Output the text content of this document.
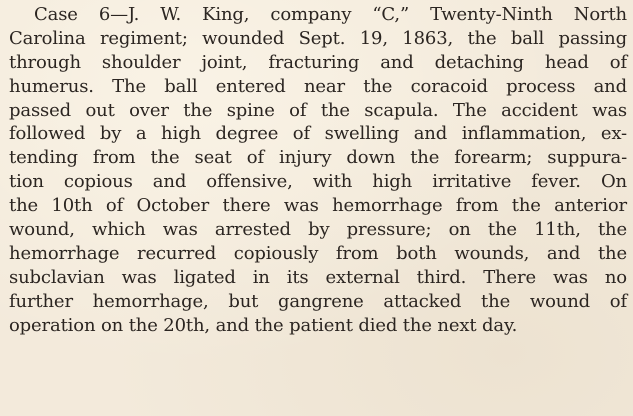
Case 6—J. W. King, company “C,” Twenty-Ninth North
Carolina regiment; wounded Sept. 19, 1863, the ball passing
through shoulder joint, fracturing and detaching head of
humerus. The ball entered near the coracoid process and
passed out over the spine of the scapula. The accident was
followed by a high degree of swelling and inflammation, ex-
tending from the seat of injury down the forearm; suppura-
tion copious and offensive, with high irritative fever. On
the 10th of October there was hemorrhage from the anterior
wound, which was arrested by pressure; on the 11th, the
hemorrhage recurred copiously from both wounds, and the
subclavian was ligated in its external third. There was no
further hemorrhage, but gangrene attacked the wound of
operation on the 20th, and the patient died the next day.
